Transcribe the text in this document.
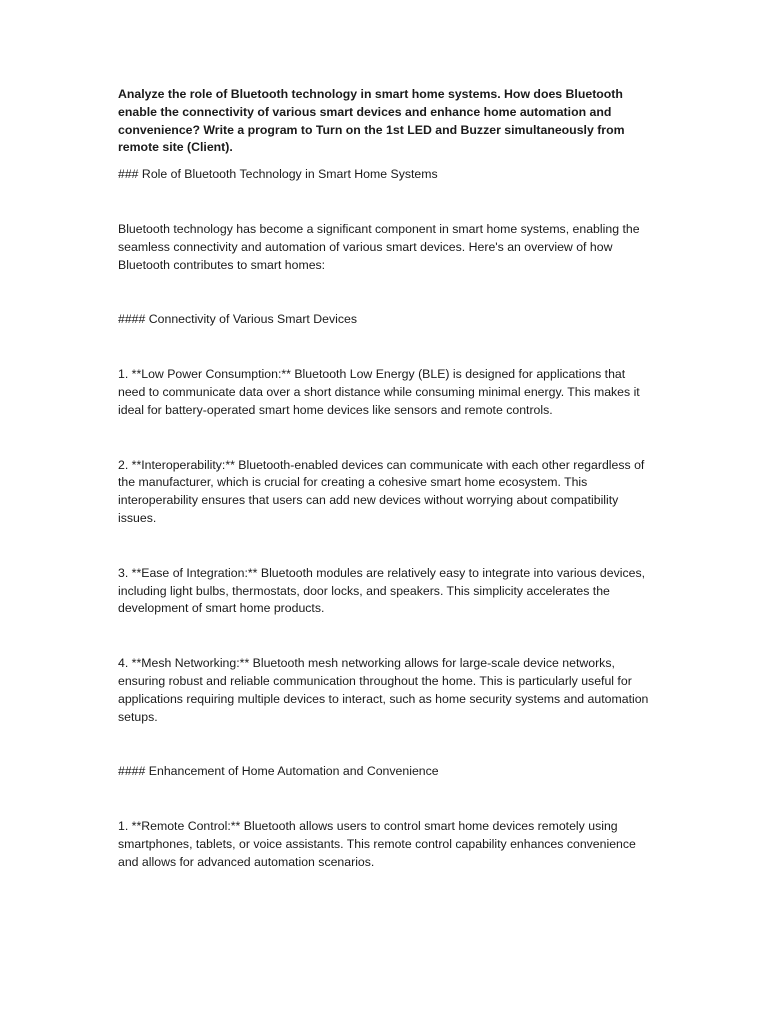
Analyze the role of Bluetooth technology in smart home systems. How does Bluetooth enable the connectivity of various smart devices and enhance home automation and convenience? Write a program to Turn on the 1st LED and Buzzer simultaneously from remote site (Client).

### Role of Bluetooth Technology in Smart Home Systems

Bluetooth technology has become a significant component in smart home systems, enabling the seamless connectivity and automation of various smart devices. Here's an overview of how Bluetooth contributes to smart homes:

#### Connectivity of Various Smart Devices

1. **Low Power Consumption:** Bluetooth Low Energy (BLE) is designed for applications that need to communicate data over a short distance while consuming minimal energy. This makes it ideal for battery-operated smart home devices like sensors and remote controls.

2. **Interoperability:** Bluetooth-enabled devices can communicate with each other regardless of the manufacturer, which is crucial for creating a cohesive smart home ecosystem. This interoperability ensures that users can add new devices without worrying about compatibility issues.

3. **Ease of Integration:** Bluetooth modules are relatively easy to integrate into various devices, including light bulbs, thermostats, door locks, and speakers. This simplicity accelerates the development of smart home products.

4. **Mesh Networking:** Bluetooth mesh networking allows for large-scale device networks, ensuring robust and reliable communication throughout the home. This is particularly useful for applications requiring multiple devices to interact, such as home security systems and automation setups.

#### Enhancement of Home Automation and Convenience

1. **Remote Control:** Bluetooth allows users to control smart home devices remotely using smartphones, tablets, or voice assistants. This remote control capability enhances convenience and allows for advanced automation scenarios.
